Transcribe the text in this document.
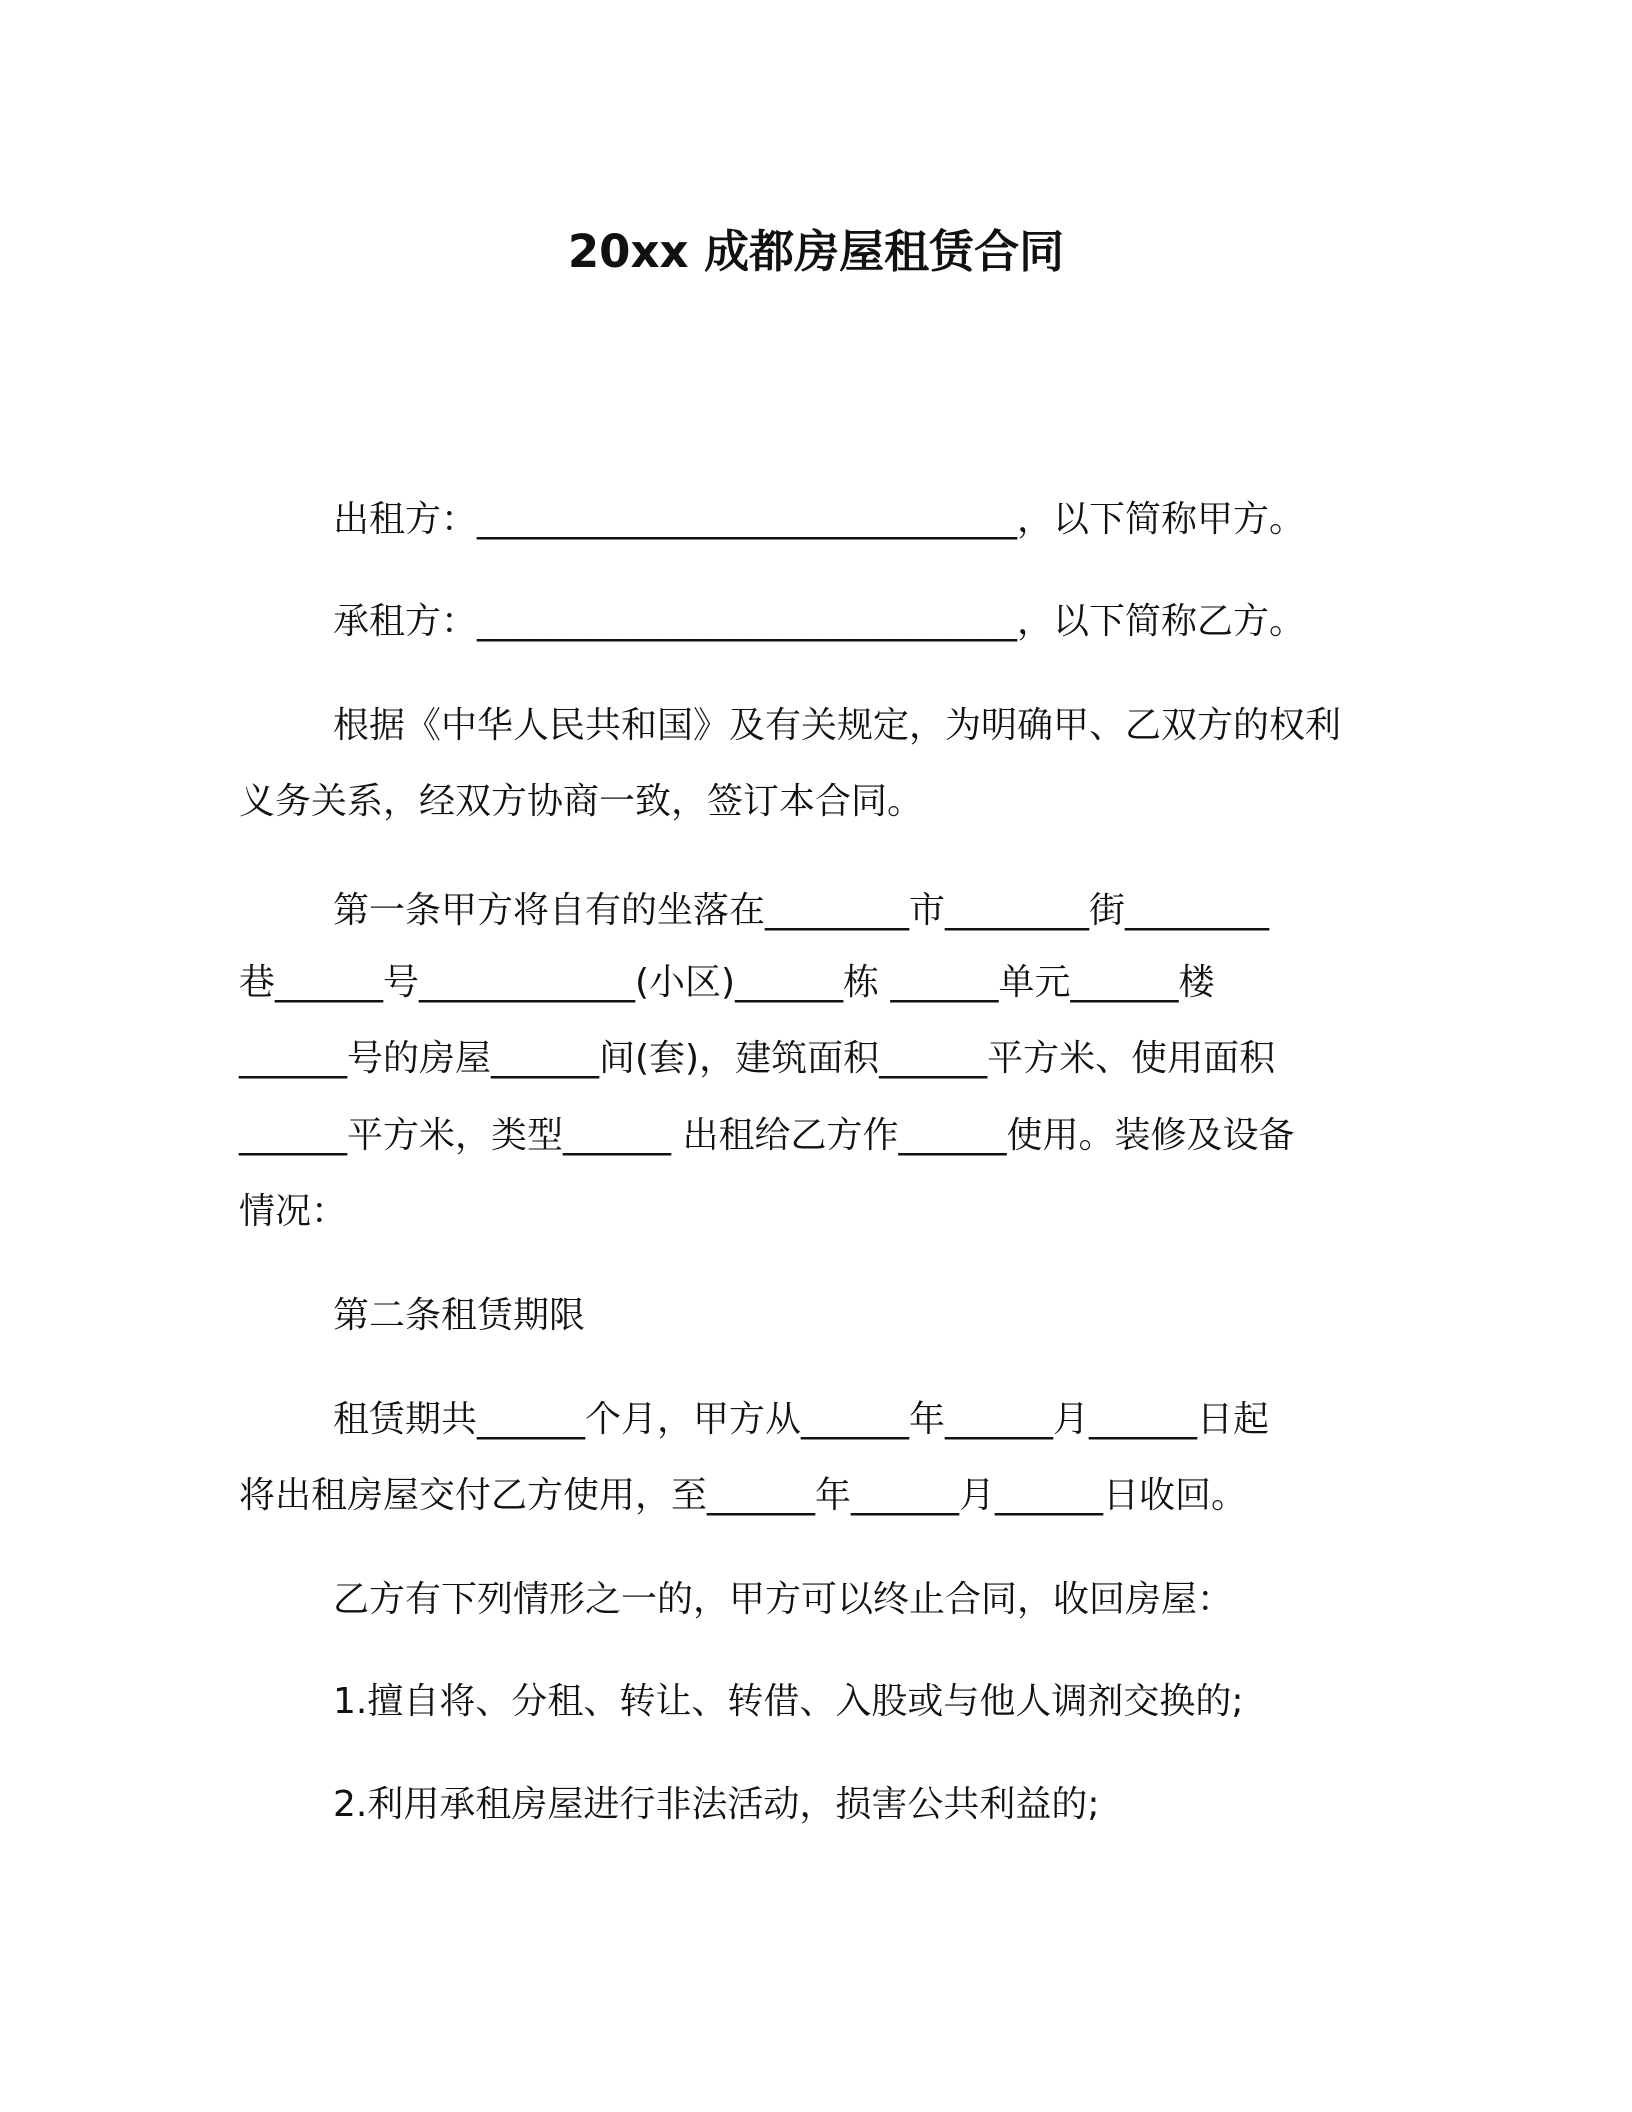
20xx 成都房屋租赁合同
出租方：______________________________，以下简称甲方。
承租方：______________________________，以下简称乙方。
根据《中华人民共和国》及有关规定，为明确甲、乙双方的权利
义务关系，经双方协商一致，签订本合同。
第一条甲方将自有的坐落在________市________街________
巷______号____________(小区)______栋 ______单元______楼
______号的房屋______间(套)，建筑面积______平方米、使用面积
______平方米，类型______ 出租给乙方作______使用。装修及设备
情况：
第二条租赁期限
租赁期共______个月，甲方从______年______月______日起
将出租房屋交付乙方使用，至______年______月______日收回。
乙方有下列情形之一的，甲方可以终止合同，收回房屋：
1.擅自将、分租、转让、转借、入股或与他人调剂交换的;
2.利用承租房屋进行非法活动，损害公共利益的;
